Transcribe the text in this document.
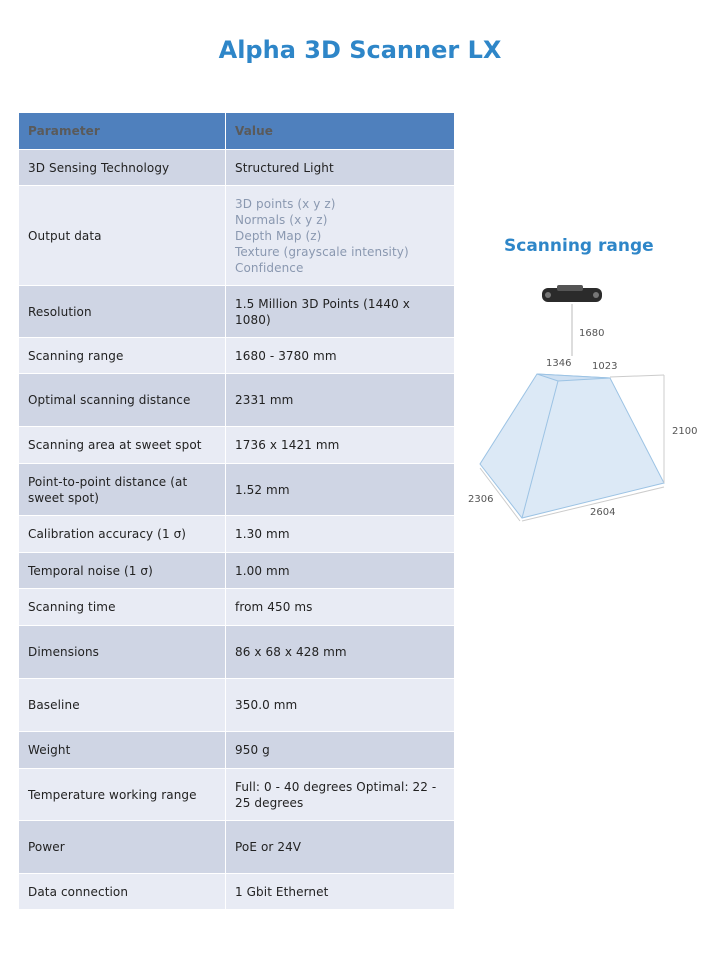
Alpha 3D Scanner LX
Parameter	Value
3D Sensing Technology	Structured Light
Output data	3D points (x y z)
Normals (x y z)
Depth Map (z)
Texture (grayscale intensity)
Confidence

Resolution	1.5 Million 3D Points (1440 x 1080)
Scanning range	1680 - 3780 mm
Optimal scanning distance	2331 mm
Scanning area at sweet spot	1736 x 1421 mm
Point-to-point distance (at sweet spot)	1.52 mm
Calibration accuracy (1 σ)	1.30 mm
Temporal noise (1 σ)	1.00 mm
Scanning time	from 450 ms
Dimensions	86 x 68 x 428 mm
Baseline	350.0 mm
Weight	950 g
Temperature working range	Full: 0 - 40 degrees Optimal: 22 - 25 degrees
Power	PoE or 24V
Data connection	1 Gbit Ethernet
Scanning range
1680
1346 1023
2100
2306
2604
